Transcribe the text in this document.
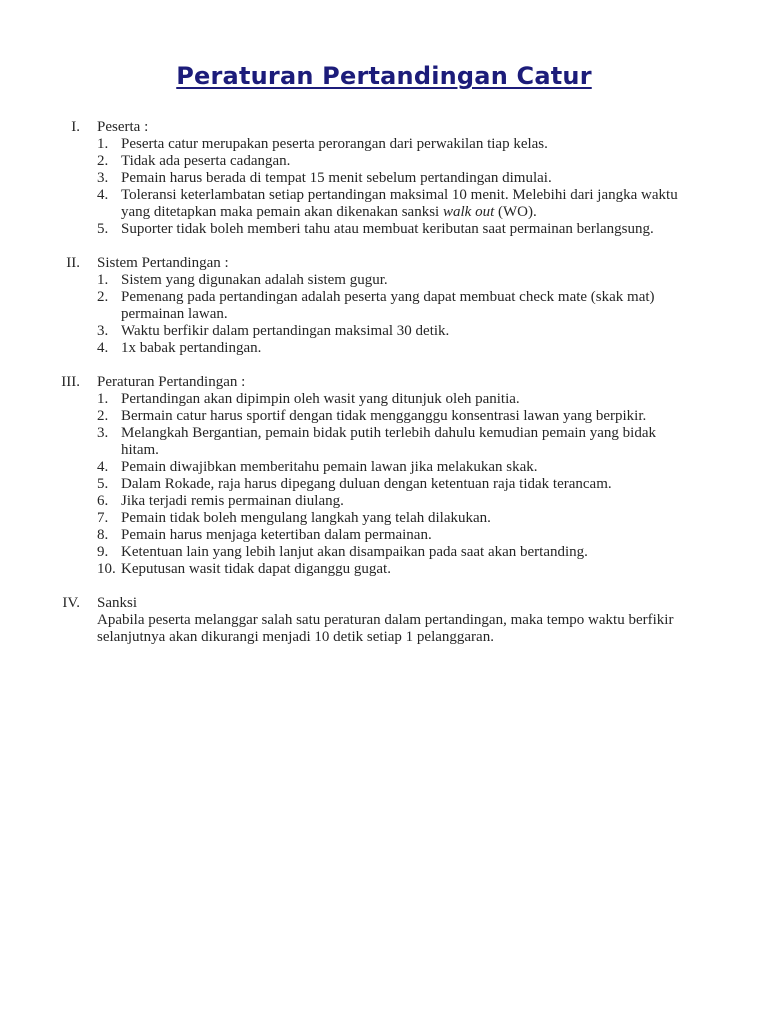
Peraturan Pertandingan Catur
I. Peserta :
1. Peserta catur merupakan peserta perorangan dari perwakilan tiap kelas.
2. Tidak ada peserta cadangan.
3. Pemain harus berada di tempat 15 menit sebelum pertandingan dimulai.
4. Toleransi keterlambatan setiap pertandingan maksimal 10 menit. Melebihi dari jangka waktu
yang ditetapkan maka pemain akan dikenakan sanksi walk out (WO).
5. Suporter tidak boleh memberi tahu atau membuat keributan saat permainan berlangsung.
II. Sistem Pertandingan :
1. Sistem yang digunakan adalah sistem gugur.
2. Pemenang pada pertandingan adalah peserta yang dapat membuat check mate (skak mat)
permainan lawan.
3. Waktu berfikir dalam pertandingan maksimal 30 detik.
4. 1x babak pertandingan.
III. Peraturan Pertandingan :
1. Pertandingan akan dipimpin oleh wasit yang ditunjuk oleh panitia.
2. Bermain catur harus sportif dengan tidak mengganggu konsentrasi lawan yang berpikir.
3. Melangkah Bergantian, pemain bidak putih terlebih dahulu kemudian pemain yang bidak
hitam.
4. Pemain diwajibkan memberitahu pemain lawan jika melakukan skak.
5. Dalam Rokade, raja harus dipegang duluan dengan ketentuan raja tidak terancam.
6. Jika terjadi remis permainan diulang.
7. Pemain tidak boleh mengulang langkah yang telah dilakukan.
8. Pemain harus menjaga ketertiban dalam permainan.
9. Ketentuan lain yang lebih lanjut akan disampaikan pada saat akan bertanding.
10. Keputusan wasit tidak dapat diganggu gugat.
IV. Sanksi
Apabila peserta melanggar salah satu peraturan dalam pertandingan, maka tempo waktu berfikir
selanjutnya akan dikurangi menjadi 10 detik setiap 1 pelanggaran.
